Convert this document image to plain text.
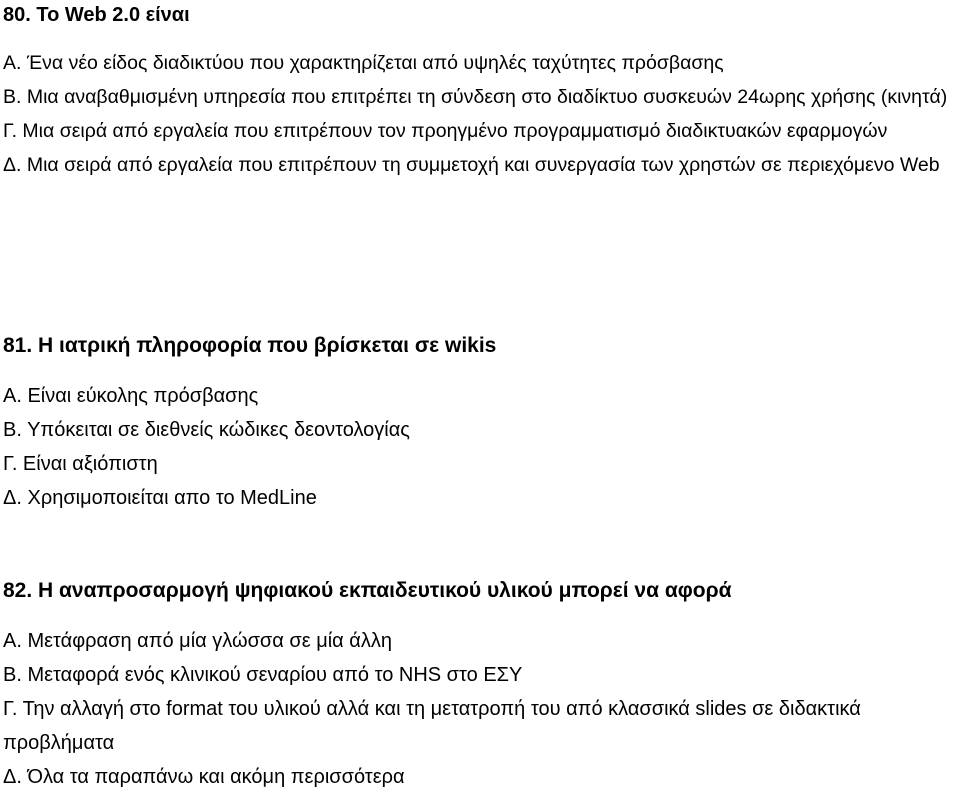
80. Το Web 2.0 είναι
Α. Ένα νέο είδος διαδικτύου που χαρακτηρίζεται από υψηλές ταχύτητες πρόσβασης
Β. Μια αναβαθμισμένη υπηρεσία που επιτρέπει τη σύνδεση στο διαδίκτυο συσκευών 24ωρης χρήσης (κινητά)
Γ. Μια σειρά από εργαλεία που επιτρέπουν τον προηγμένο προγραμματισμό διαδικτυακών εφαρμογών
Δ. Μια σειρά από εργαλεία που επιτρέπουν τη συμμετοχή και συνεργασία των χρηστών σε περιεχόμενο Web
81. Η ιατρική πληροφορία που βρίσκεται σε wikis
Α. Είναι εύκολης πρόσβασης
Β. Υπόκειται σε διεθνείς κώδικες δεοντολογίας
Γ. Είναι αξιόπιστη
Δ. Χρησιμοποιείται απο το MedLine
82. Η αναπροσαρμογή ψηφιακού εκπαιδευτικού υλικού μπορεί να αφορά
Α. Μετάφραση από μία γλώσσα σε μία άλλη
Β. Μεταφορά ενός κλινικού σεναρίου από το NHS στο ΕΣΥ
Γ. Την αλλαγή στο format του υλικού αλλά και τη μετατροπή του από κλασσικά slides σε διδακτικά προβλήματα
Δ. Όλα τα παραπάνω και ακόμη περισσότερα
